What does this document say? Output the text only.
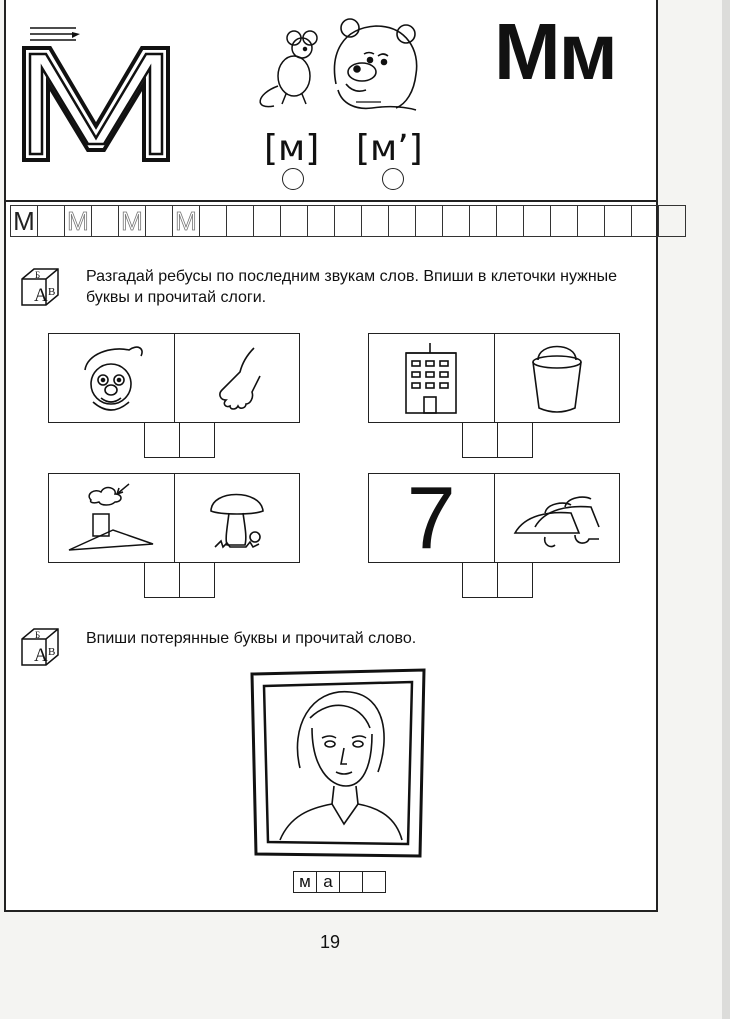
[м] [м’]
Мм
М М М М
А
Б
В
Разгадай ребусы по последним звукам слов. Впиши в клеточки нужные буквы и прочитай слоги.
7
А
Б
В
Впиши потерянные буквы и прочитай слово.
м а
19
